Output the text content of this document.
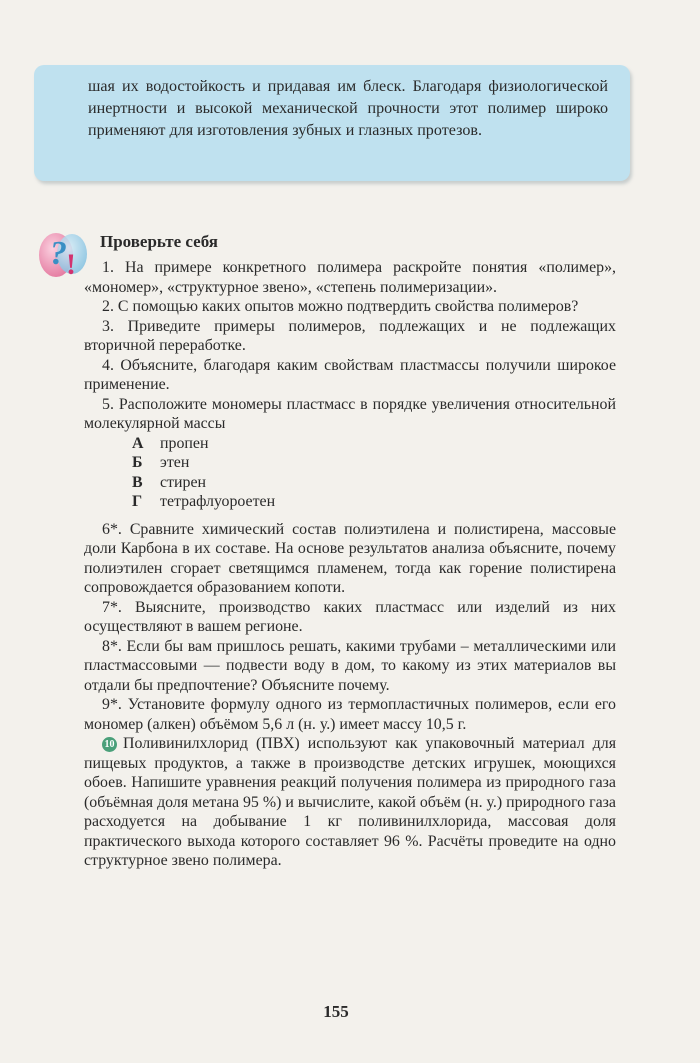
шая их водостойкость и придавая им блеск. Благодаря физиологической инертности и высокой механической прочности этот полимер широко применяют для изготовления зубных и глазных протезов.

? !
Проверьте себя

1. На примере конкретного полимера раскройте понятия «полимер», «мономер», «структурное звено», «степень полимеризации».

2. С помощью каких опытов можно подтвердить свойства полимеров?

3. Приведите примеры полимеров, подлежащих и не подлежащих вторичной переработке.

4. Объясните, благодаря каким свойствам пластмассы получили широкое применение.

5. Расположите мономеры пластмасс в порядке увеличения относительной молекулярной массы

А	пропен
Б	этен
В	стирен
Г	тетрафлуороетен

6*. Сравните химический состав полиэтилена и полистирена, массовые доли Карбона в их составе. На основе результатов анализа объясните, почему полиэтилен сгорает светящимся пламенем, тогда как горение полистирена сопровождается образованием копоти.

7*. Выясните, производство каких пластмасс или изделий из них осуществляют в вашем регионе.

8*. Если бы вам пришлось решать, какими трубами – металлическими или пластмассовыми — подвести воду в дом, то какому из этих материалов вы отдали бы предпочтение? Объясните почему.

9*. Установите формулу одного из термопластичных полимеров, если его мономер (алкен) объёмом 5,6 л (н. у.) имеет массу 10,5 г.

10 Поливинилхлорид (ПВХ) используют как упаковочный материал для пищевых продуктов, а также в производстве детских игрушек, моющихся обоев. Напишите уравнения реакций получения полимера из природного газа (объёмная доля метана 95 %) и вычислите, какой объём (н. у.) природного газа расходуется на добывание 1 кг поливинилхлорида, массовая доля практического выхода которого составляет 96 %. Расчёты проведите на одно структурное звено полимера.

155
